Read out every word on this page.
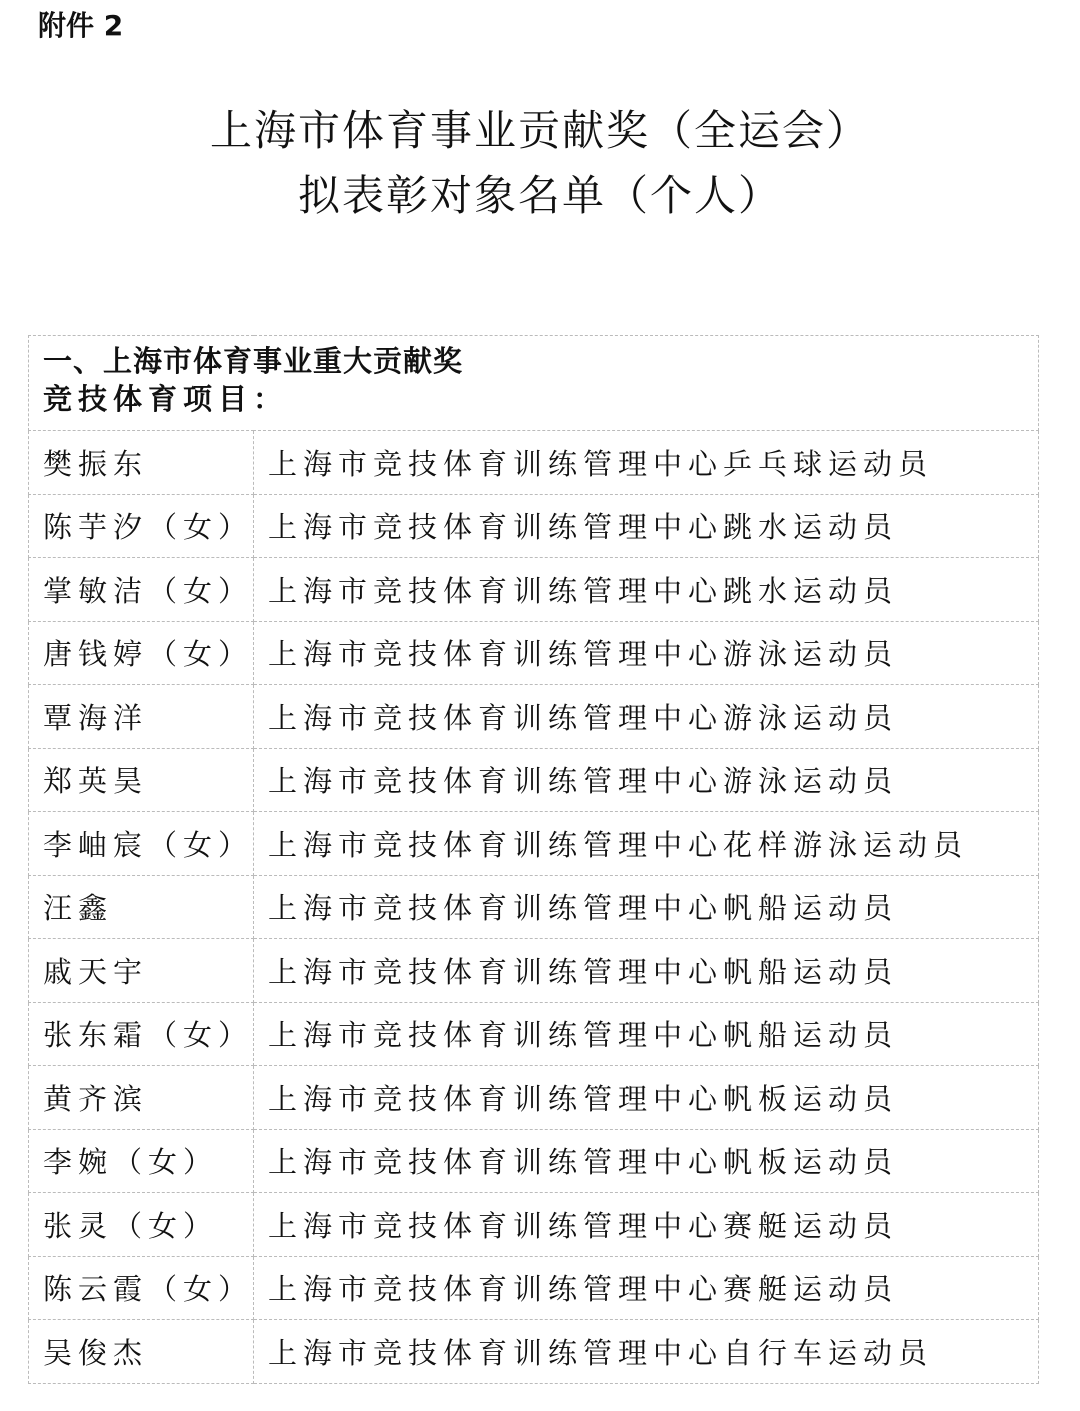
附件 2
上海市体育事业贡献奖（全运会）
拟表彰对象名单（个人）
一、上海市体育事业重大贡献奖
竞技体育项目：	

樊振东	上海市竞技体育训练管理中心乒乓球运动员
陈芋汐（女）	上海市竞技体育训练管理中心跳水运动员
掌敏洁（女）	上海市竞技体育训练管理中心跳水运动员
唐钱婷（女）	上海市竞技体育训练管理中心游泳运动员
覃海洋	上海市竞技体育训练管理中心游泳运动员
郑英昊	上海市竞技体育训练管理中心游泳运动员
李岫宸（女）	上海市竞技体育训练管理中心花样游泳运动员
汪鑫	上海市竞技体育训练管理中心帆船运动员
戚天宇	上海市竞技体育训练管理中心帆船运动员
张东霜（女）	上海市竞技体育训练管理中心帆船运动员
黄齐滨	上海市竞技体育训练管理中心帆板运动员
李婉（女）	上海市竞技体育训练管理中心帆板运动员
张灵（女）	上海市竞技体育训练管理中心赛艇运动员
陈云霞（女）	上海市竞技体育训练管理中心赛艇运动员
吴俊杰	上海市竞技体育训练管理中心自行车运动员
